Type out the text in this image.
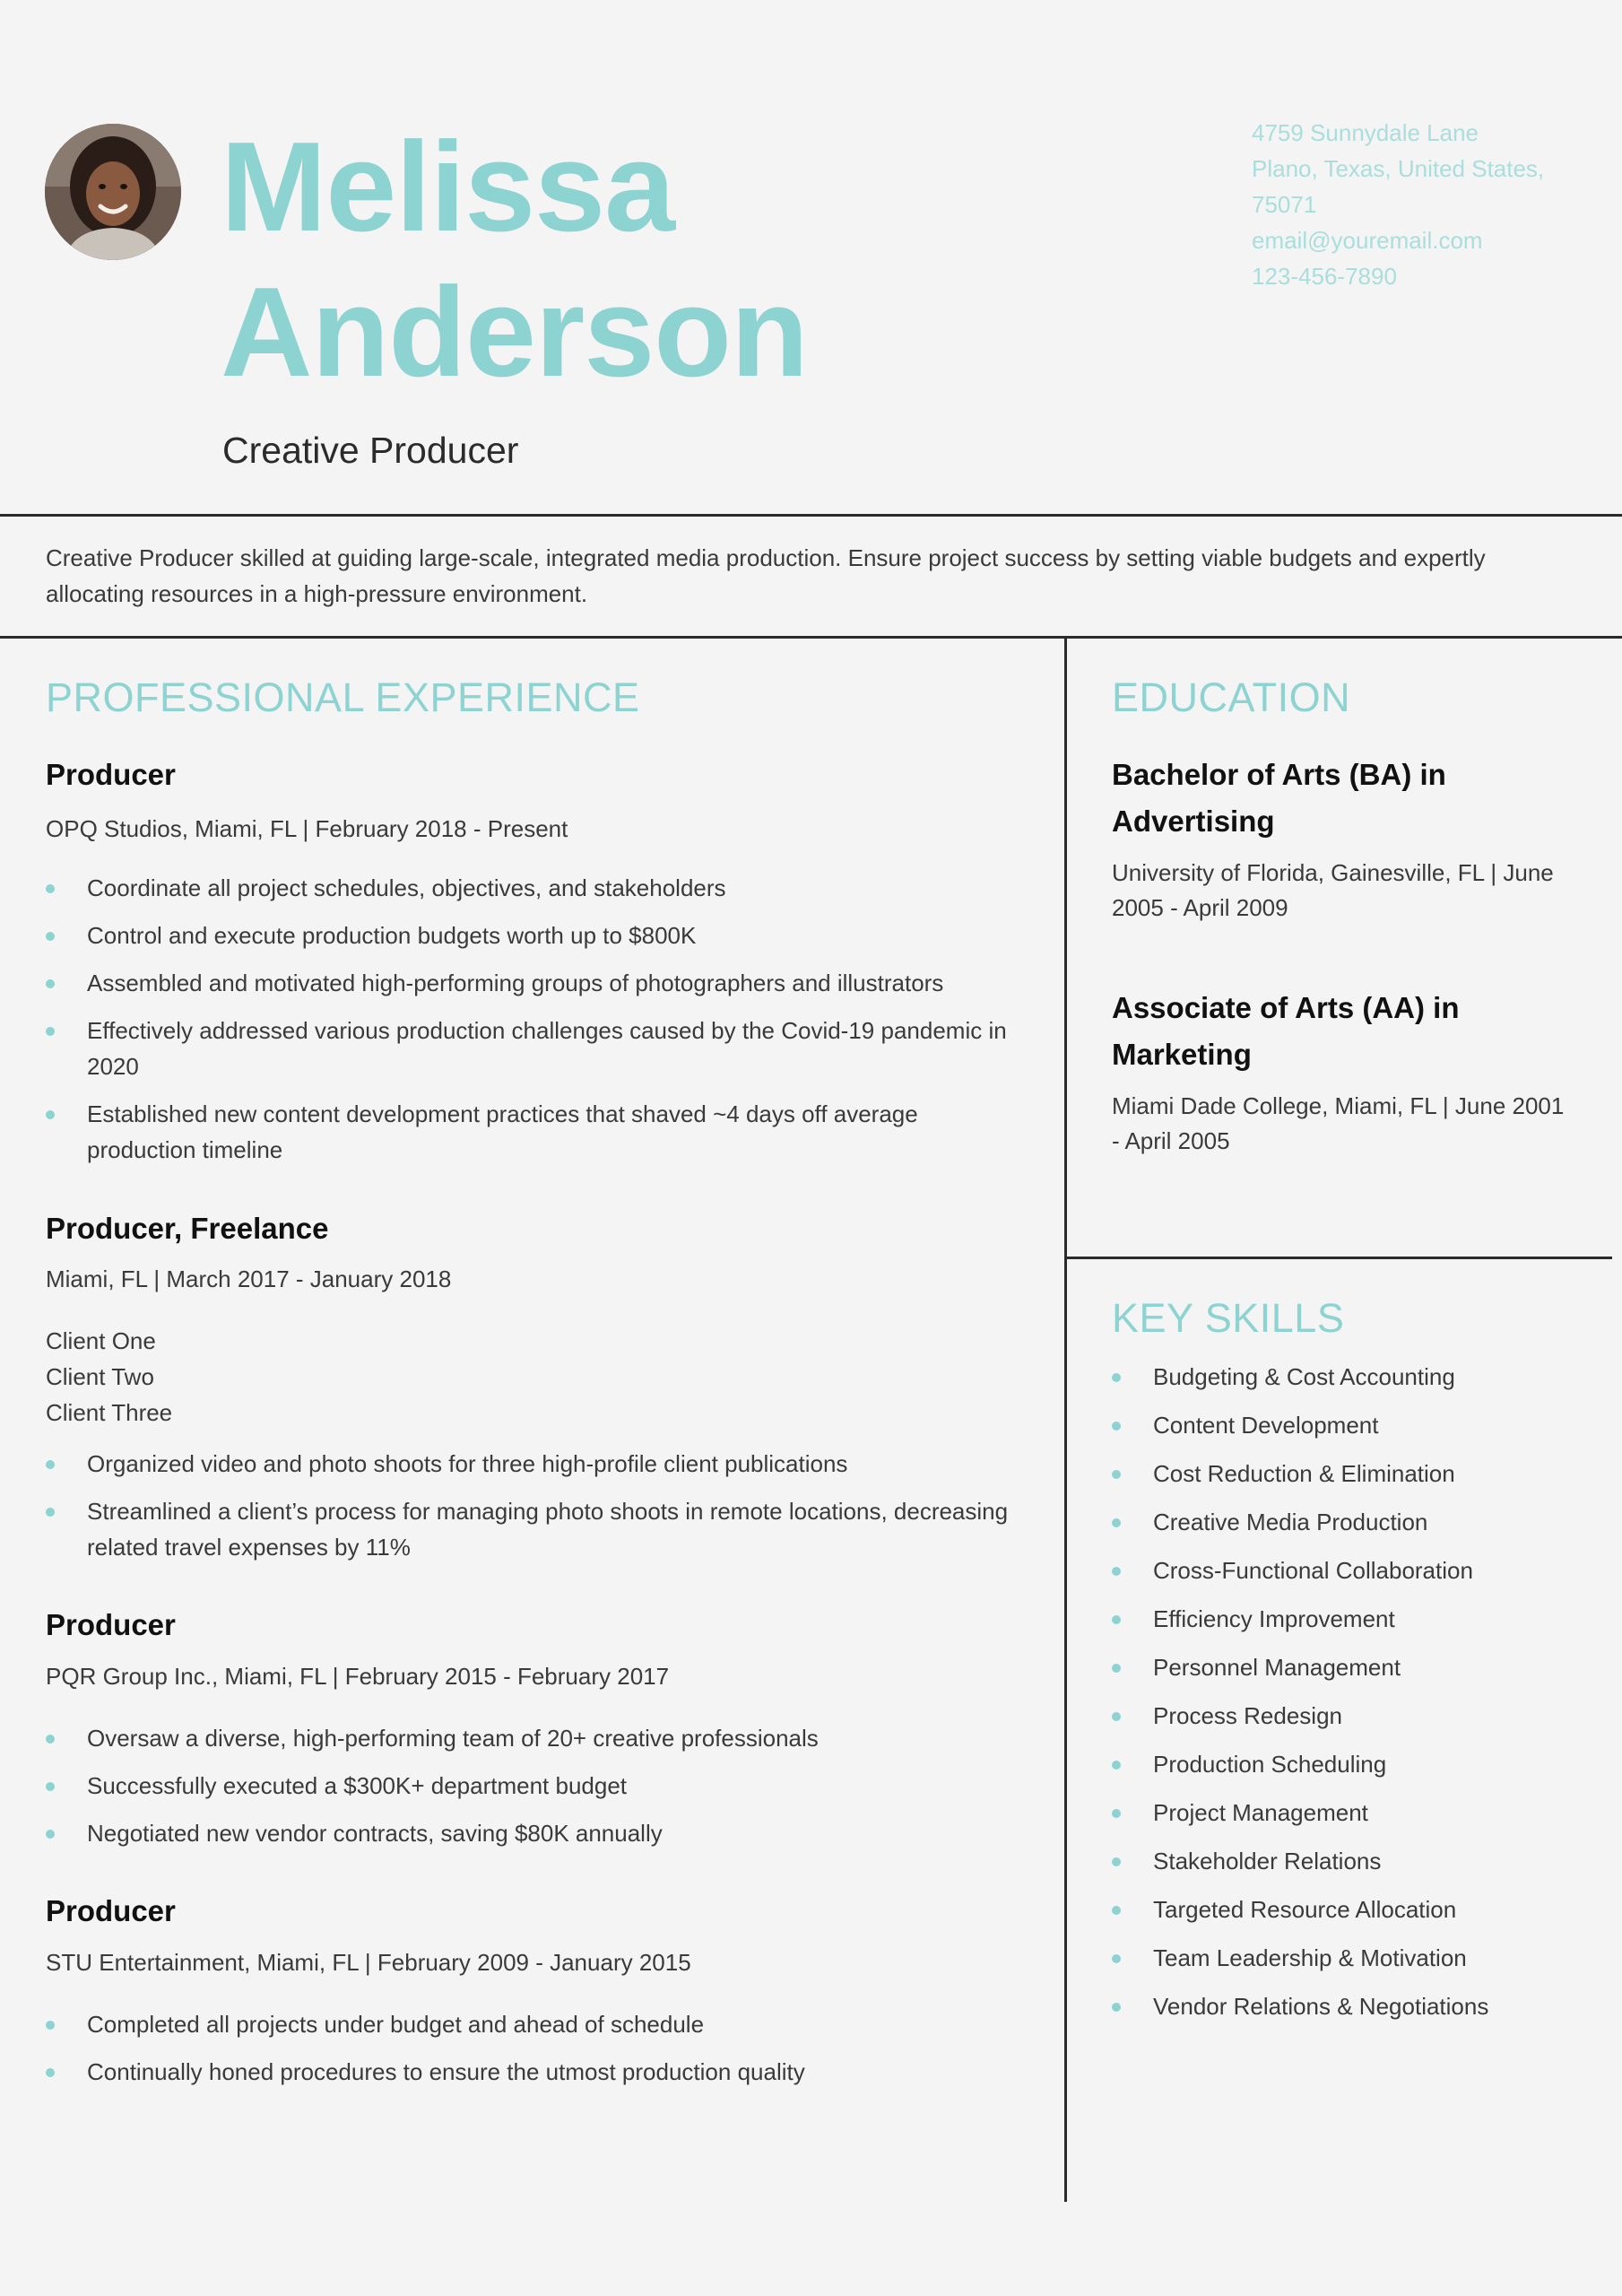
Melissa
Anderson
Creative Producer
4759 Sunnydale Lane
Plano, Texas, United States,
75071
email@youremail.com
123-456-7890
Creative Producer skilled at guiding large-scale, integrated media production. Ensure project success by setting viable budgets and expertly allocating resources in a high-pressure environment.
PROFESSIONAL EXPERIENCE
Producer
OPQ Studios, Miami, FL | February 2018 - Present
Coordinate all project schedules, objectives, and stakeholders
Control and execute production budgets worth up to $800K
Assembled and motivated high-performing groups of photographers and illustrators
Effectively addressed various production challenges caused by the Covid-19 pandemic in 2020
Established new content development practices that shaved ~4 days off average production timeline
Producer, Freelance
Miami, FL | March 2017 - January 2018
Client One
Client Two
Client Three
Organized video and photo shoots for three high-profile client publications
Streamlined a client’s process for managing photo shoots in remote locations, decreasing related travel expenses by 11%
Producer
PQR Group Inc., Miami, FL | February 2015 - February 2017
Oversaw a diverse, high-performing team of 20+ creative professionals
Successfully executed a $300K+ department budget
Negotiated new vendor contracts, saving $80K annually
Producer
STU Entertainment, Miami, FL | February 2009 - January 2015
Completed all projects under budget and ahead of schedule
Continually honed procedures to ensure the utmost production quality
EDUCATION
Bachelor of Arts (BA) in Advertising
University of Florida, Gainesville, FL | June 2005 - April 2009
Associate of Arts (AA) in Marketing
Miami Dade College, Miami, FL | June 2001 - April 2005
KEY SKILLS
Budgeting & Cost Accounting
Content Development
Cost Reduction & Elimination
Creative Media Production
Cross-Functional Collaboration
Efficiency Improvement
Personnel Management
Process Redesign
Production Scheduling
Project Management
Stakeholder Relations
Targeted Resource Allocation
Team Leadership & Motivation
Vendor Relations & Negotiations
